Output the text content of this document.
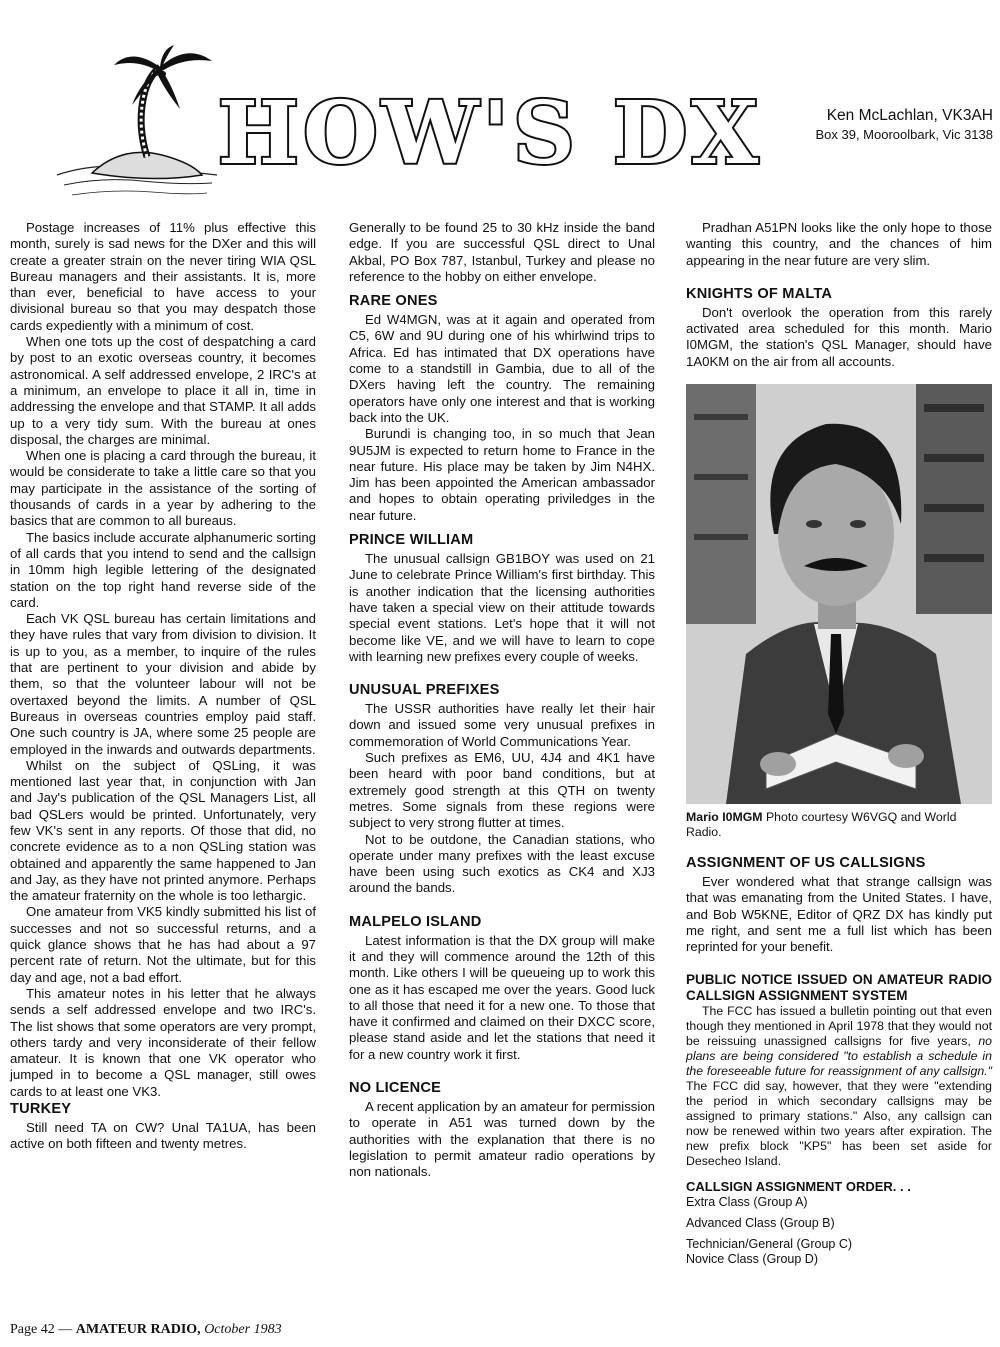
HOW'S DX	Ken McLachlan, VK3AH
Box 39, Mooroolbark, Vic 3138

Postage increases of 11% plus effective this month, surely is sad news for the DXer and this will create a greater strain on the never tiring WIA QSL Bureau managers and their assistants. It is, more than ever, beneficial to have access to your divisional bureau so that you may despatch those cards expediently with a minimum of cost.

When one tots up the cost of despatching a card by post to an exotic overseas country, it becomes astronomical. A self addressed envelope, 2 IRC's at a minimum, an envelope to place it all in, time in addressing the envelope and that STAMP. It all adds up to a very tidy sum. With the bureau at ones disposal, the charges are minimal.

When one is placing a card through the bureau, it would be considerate to take a little care so that you may participate in the assistance of the sorting of thousands of cards in a year by adhering to the basics that are common to all bureaus.

The basics include accurate alphanumeric sorting of all cards that you intend to send and the callsign in 10mm high legible lettering of the designated station on the top right hand reverse side of the card.

Each VK QSL bureau has certain limitations and they have rules that vary from division to division. It is up to you, as a member, to inquire of the rules that are pertinent to your division and abide by them, so that the volunteer labour will not be overtaxed beyond the limits. A number of QSL Bureaus in overseas countries employ paid staff. One such country is JA, where some 25 people are employed in the inwards and outwards departments.

Whilst on the subject of QSLing, it was mentioned last year that, in conjunction with Jan and Jay's publication of the QSL Managers List, all bad QSLers would be printed. Unfortunately, very few VK's sent in any reports. Of those that did, no concrete evidence as to a non QSLing station was obtained and apparently the same happened to Jan and Jay, as they have not printed anymore. Perhaps the amateur fraternity on the whole is too lethargic.

One amateur from VK5 kindly submitted his list of successes and not so successful returns, and a quick glance shows that he has had about a 97 percent rate of return. Not the ultimate, but for this day and age, not a bad effort.

This amateur notes in his letter that he always sends a self addressed envelope and two IRC's. The list shows that some operators are very prompt, others tardy and very inconsiderate of their fellow amateur. It is known that one VK operator who jumped in to become a QSL manager, still owes cards to at least one VK3.

TURKEY

Still need TA on CW? Unal TA1UA, has been active on both fifteen and twenty metres.

Generally to be found 25 to 30 kHz inside the band edge. If you are successful QSL direct to Unal Akbal, PO Box 787, Istanbul, Turkey and please no reference to the hobby on either envelope.

RARE ONES

Ed W4MGN, was at it again and operated from C5, 6W and 9U during one of his whirlwind trips to Africa. Ed has intimated that DX operations have come to a standstill in Gambia, due to all of the DXers having left the country. The remaining operators have only one interest and that is working back into the UK.

Burundi is changing too, in so much that Jean 9U5JM is expected to return home to France in the near future. His place may be taken by Jim N4HX. Jim has been appointed the American ambassador and hopes to obtain operating priviledges in the near future.

PRINCE WILLIAM

The unusual callsign GB1BOY was used on 21 June to celebrate Prince William's first birthday. This is another indication that the licensing authorities have taken a special view on their attitude towards special event stations. Let's hope that it will not become like VE, and we will have to learn to cope with learning new prefixes every couple of weeks.

UNUSUAL PREFIXES

The USSR authorities have really let their hair down and issued some very unusual prefixes in commemoration of World Communications Year.

Such prefixes as EM6, UU, 4J4 and 4K1 have been heard with poor band conditions, but at extremely good strength at this QTH on twenty metres. Some signals from these regions were subject to very strong flutter at times.

Not to be outdone, the Canadian stations, who operate under many prefixes with the least excuse have been using such exotics as CK4 and XJ3 around the bands.

MALPELO ISLAND

Latest information is that the DX group will make it and they will commence around the 12th of this month. Like others I will be queueing up to work this one as it has escaped me over the years. Good luck to all those that need it for a new one. To those that have it confirmed and claimed on their DXCC score, please stand aside and let the stations that need it for a new country work it first.

NO LICENCE

A recent application by an amateur for permission to operate in A51 was turned down by the authorities with the explanation that there is no legislation to permit amateur radio operations by non nationals.

Pradhan A51PN looks like the only hope to those wanting this country, and the chances of him appearing in the near future are very slim.

KNIGHTS OF MALTA

Don't overlook the operation from this rarely activated area scheduled for this month. Mario I0MGM, the station's QSL Manager, should have 1A0KM on the air from all accounts.

Mario I0MGM Photo courtesy W6VGQ and World Radio.
ASSIGNMENT OF US CALLSIGNS

Ever wondered what that strange callsign was that was emanating from the United States. I have, and Bob W5KNE, Editor of QRZ DX has kindly put me right, and sent me a full list which has been reprinted for your benefit.

PUBLIC NOTICE ISSUED ON AMATEUR RADIO CALLSIGN ASSIGNMENT SYSTEM

The FCC has issued a bulletin pointing out that even though they mentioned in April 1978 that they would not be reissuing unassigned callsigns for five years, no plans are being considered "to establish a schedule in the foreseeable future for reassignment of any callsign." The FCC did say, however, that they were "extending the period in which secondary callsigns may be assigned to primary stations." Also, any callsign can now be renewed within two years after expiration. The new prefix block "KP5" has been set aside for Desecheo Island.

CALLSIGN ASSIGNMENT ORDER. . .
Extra Class (Group A)
Advanced Class (Group B)
Technician/General (Group C)
Novice Class (Group D)
Page 42 — AMATEUR RADIO, October 1983
